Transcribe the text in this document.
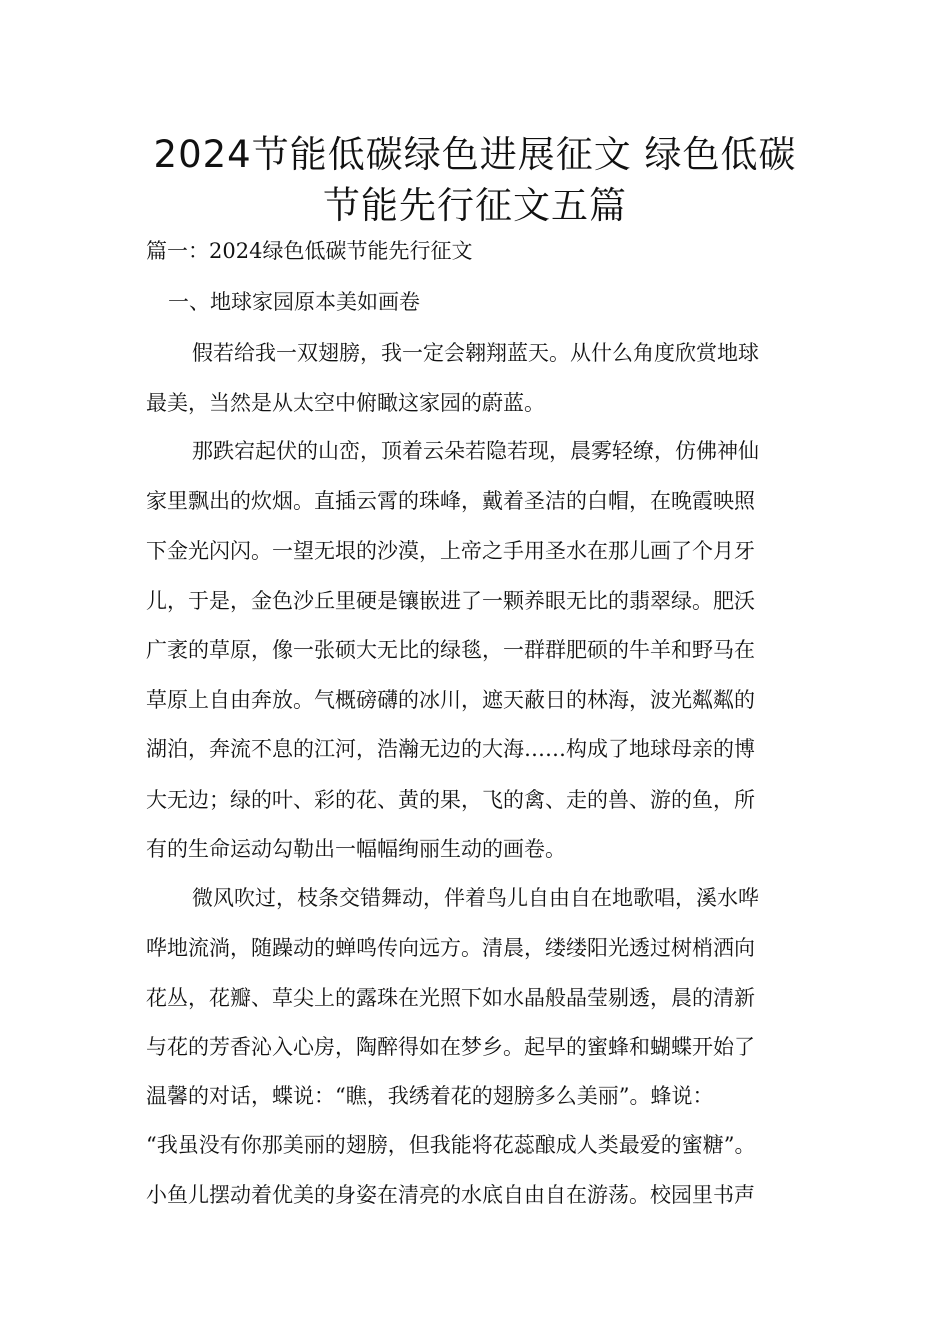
2024节能低碳绿色进展征文 绿色低碳
节能先行征文五篇

篇一：2024绿色低碳节能先行征文

一、地球家园原本美如画卷

假若给我一双翅膀，我一定会翱翔蓝天。从什么角度欣赏地球

最美，当然是从太空中俯瞰这家园的蔚蓝。

那跌宕起伏的山峦，顶着云朵若隐若现，晨雾轻缭，仿佛神仙

家里飘出的炊烟。直插云霄的珠峰，戴着圣洁的白帽，在晚霞映照

下金光闪闪。一望无垠的沙漠，上帝之手用圣水在那儿画了个月牙

儿，于是，金色沙丘里硬是镶嵌进了一颗养眼无比的翡翠绿。肥沃

广袤的草原，像一张硕大无比的绿毯，一群群肥硕的牛羊和野马在

草原上自由奔放。气概磅礴的冰川，遮天蔽日的林海，波光粼粼的

湖泊，奔流不息的江河，浩瀚无边的大海……构成了地球母亲的博

大无边；绿的叶、彩的花、黄的果，飞的禽、走的兽、游的鱼，所

有的生命运动勾勒出一幅幅绚丽生动的画卷。

微风吹过，枝条交错舞动，伴着鸟儿自由自在地歌唱，溪水哗

哗地流淌，随躁动的蝉鸣传向远方。清晨，缕缕阳光透过树梢洒向

花丛，花瓣、草尖上的露珠在光照下如水晶般晶莹剔透，晨的清新

与花的芳香沁入心房，陶醉得如在梦乡。起早的蜜蜂和蝴蝶开始了

温馨的对话，蝶说：“瞧，我绣着花的翅膀多么美丽”。蜂说：

“我虽没有你那美丽的翅膀，但我能将花蕊酿成人类最爱的蜜糖”。

小鱼儿摆动着优美的身姿在清亮的水底自由自在游荡。校园里书声
